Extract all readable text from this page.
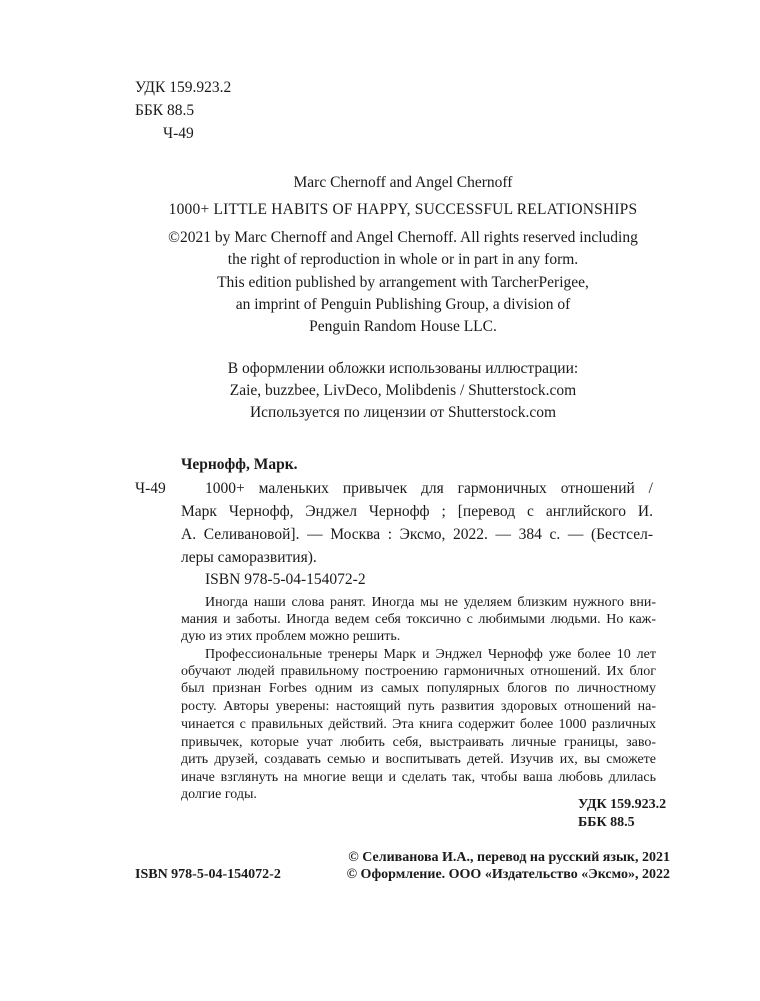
УДК 159.923.2
ББК 88.5
Ч-49
Marc Chernoff and Angel Chernoff
1000+ LITTLE HABITS OF HAPPY, SUCCESSFUL RELATIONSHIPS
©2021 by Marc Chernoff and Angel Chernoff. All rights reserved including
the right of reproduction in whole or in part in any form.
This edition published by arrangement with TarcherPerigee,
an imprint of Penguin Publishing Group, a division of
Penguin Random House LLC.
В оформлении обложки использованы иллюстрации:
Zaie, buzzbee, LivDeco, Molibdenis / Shutterstock.com
Используется по лицензии от Shutterstock.com
Чернофф, Марк.
Ч-49	1000+ маленьких привычек для гармоничных отношений /
Марк Чернофф, Энджел Чернофф ; [перевод с английского И.
А. Селивановой]. — Москва : Эксмо, 2022. — 384 с. — (Бестсел-
леры саморазвития).
ISBN 978-5-04-154072-2
Иногда наши слова ранят. Иногда мы не уделяем близким нужного вни-
мания и заботы. Иногда ведем себя токсично с любимыми людьми. Но каж-
дую из этих проблем можно решить.
Профессиональные тренеры Марк и Энджел Чернофф уже более 10 лет
обучают людей правильному построению гармоничных отношений. Их блог
был признан Forbes одним из самых популярных блогов по личностному
росту. Авторы уверены: настоящий путь развития здоровых отношений на-
чинается с правильных действий. Эта книга содержит более 1000 различных
привычек, которые учат любить себя, выстраивать личные границы, заво-
дить друзей, создавать семью и воспитывать детей. Изучив их, вы сможете
иначе взглянуть на многие вещи и сделать так, чтобы ваша любовь длилась
долгие годы.
УДК 159.923.2
ББК 88.5
ISBN 978-5-04-154072-2
© Селиванова И.А., перевод на русский язык, 2021
© Оформление. ООО «Издательство «Эксмо», 2022
